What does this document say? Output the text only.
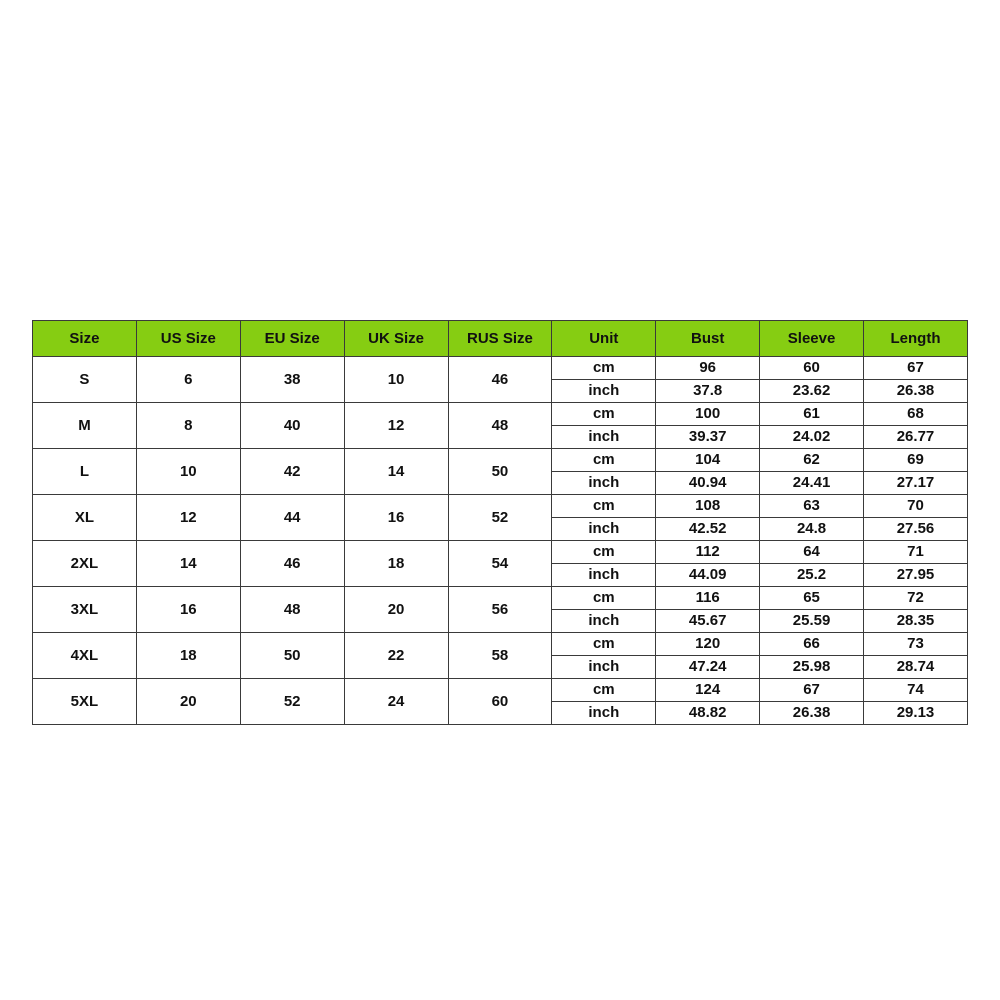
Size	US Size	EU Size	UK Size	RUS Size	Unit	Bust	Sleeve	Length
S	6	38	10	46	cm	96	60	67
					inch	37.8	23.62	26.38
M	8	40	12	48	cm	100	61	68
					inch	39.37	24.02	26.77
L	10	42	14	50	cm	104	62	69
					inch	40.94	24.41	27.17
XL	12	44	16	52	cm	108	63	70
					inch	42.52	24.8	27.56
2XL	14	46	18	54	cm	112	64	71
					inch	44.09	25.2	27.95
3XL	16	48	20	56	cm	116	65	72
					inch	45.67	25.59	28.35
4XL	18	50	22	58	cm	120	66	73
					inch	47.24	25.98	28.74
5XL	20	52	24	60	cm	124	67	74
					inch	48.82	26.38	29.13
